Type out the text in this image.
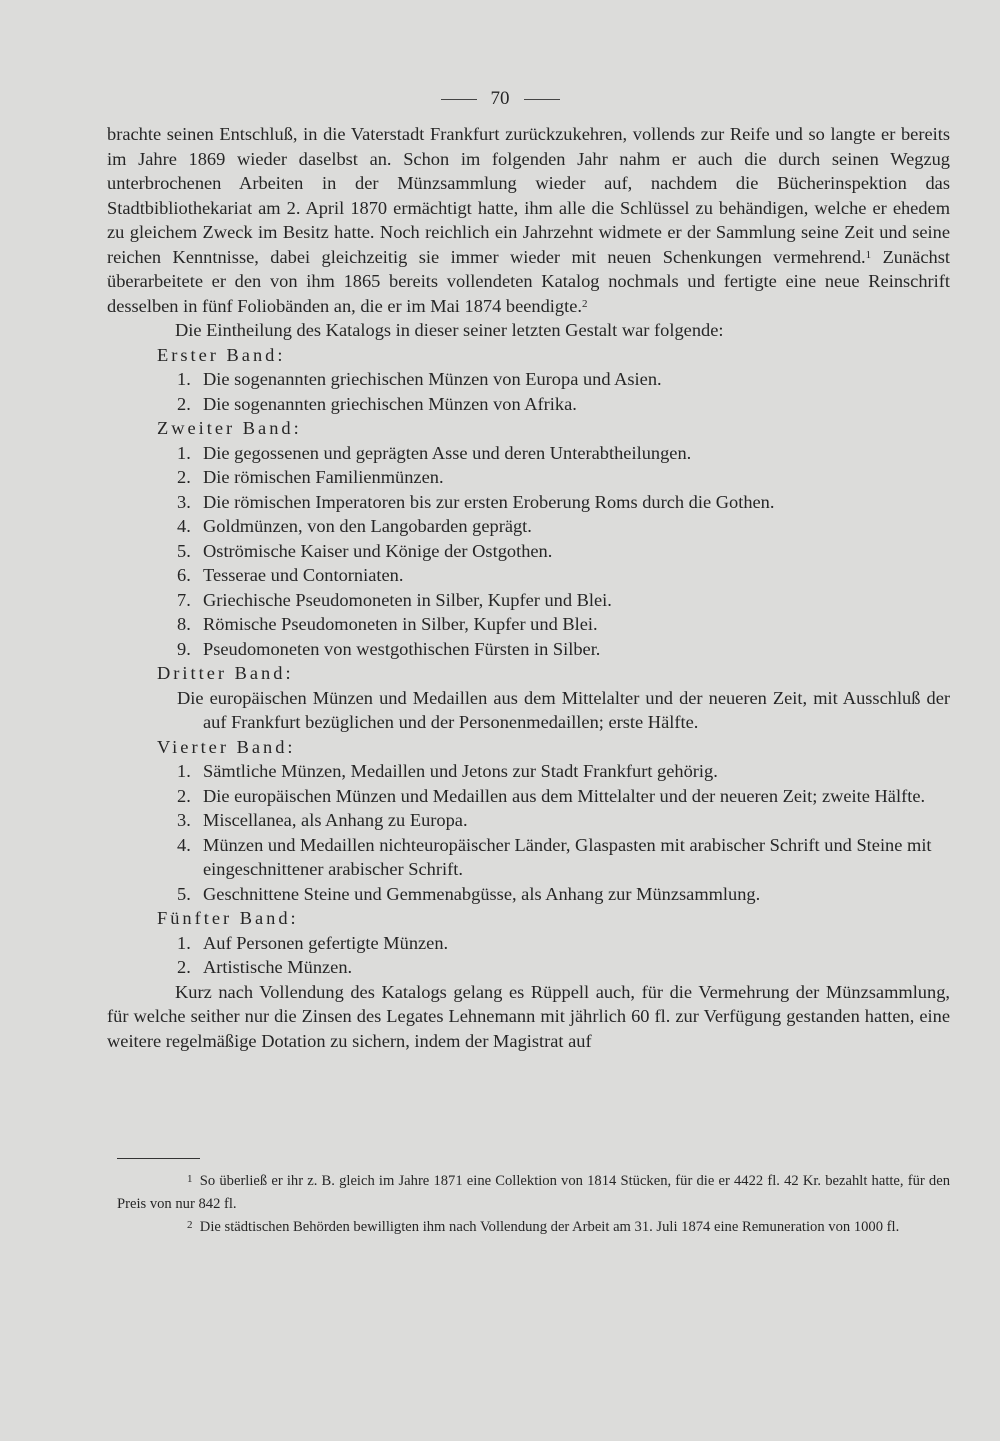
70

brachte seinen Entschluß, in die Vaterstadt Frankfurt zurückzukehren, vollends zur Reife und so langte er bereits im Jahre 1869 wieder daselbst an. Schon im folgenden Jahr nahm er auch die durch seinen Wegzug unterbrochenen Arbeiten in der Münzsammlung wieder auf, nachdem die Bücherinspektion das Stadtbibliothekariat am 2. April 1870 ermächtigt hatte, ihm alle die Schlüssel zu behändigen, welche er ehedem zu gleichem Zweck im Besitz hatte. Noch reichlich ein Jahrzehnt widmete er der Sammlung seine Zeit und seine reichen Kenntnisse, dabei gleichzeitig sie immer wieder mit neuen Schenkungen vermehrend.$^1$ Zunächst überarbeitete er den von ihm 1865 bereits vollendeten Katalog nochmals und fertigte eine neue Reinschrift desselben in fünf Foliobänden an, die er im Mai 1874 beendigte.$^2$

Die Eintheilung des Katalogs in dieser seiner letzten Gestalt war folgende:

Erster Band:
1. Die sogenannten griechischen Münzen von Europa und Asien.
2. Die sogenannten griechischen Münzen von Afrika.
Zweiter Band:
1. Die gegossenen und geprägten Asse und deren Unterabtheilungen.
2. Die römischen Familienmünzen.
3. Die römischen Imperatoren bis zur ersten Eroberung Roms durch die Gothen.
4. Goldmünzen, von den Langobarden geprägt.
5. Oströmische Kaiser und Könige der Ostgothen.
6. Tesserae und Contorniaten.
7. Griechische Pseudomoneten in Silber, Kupfer und Blei.
8. Römische Pseudomoneten in Silber, Kupfer und Blei.
9. Pseudomoneten von westgothischen Fürsten in Silber.
Dritter Band:
Die europäischen Münzen und Medaillen aus dem Mittelalter und der neueren Zeit, mit Ausschluß der auf Frankfurt bezüglichen und der Personenmedaillen; erste Hälfte.
Vierter Band:
1. Sämtliche Münzen, Medaillen und Jetons zur Stadt Frankfurt gehörig.
2. Die europäischen Münzen und Medaillen aus dem Mittelalter und der neueren Zeit; zweite Hälfte.
3. Miscellanea, als Anhang zu Europa.
4. Münzen und Medaillen nichteuropäischer Länder, Glaspasten mit arabischer Schrift und Steine mit eingeschnittener arabischer Schrift.
5. Geschnittene Steine und Gemmenabgüsse, als Anhang zur Münzsammlung.
Fünfter Band:
1. Auf Personen gefertigte Münzen.
2. Artistische Münzen.

Kurz nach Vollendung des Katalogs gelang es Rüppell auch, für die Vermehrung der Münzsammlung, für welche seither nur die Zinsen des Legates Lehnemann mit jährlich 60 fl. zur Verfügung gestanden hatten, eine weitere regelmäßige Dotation zu sichern, indem der Magistrat auf

$^1$  So überließ er ihr z. B. gleich im Jahre 1871 eine Collektion von 1814 Stücken, für die er 4422 fl. 42 Kr. bezahlt hatte, für den Preis von nur 842 fl.

$^2$  Die städtischen Behörden bewilligten ihm nach Vollendung der Arbeit am 31. Juli 1874 eine Remuneration von 1000 fl.
